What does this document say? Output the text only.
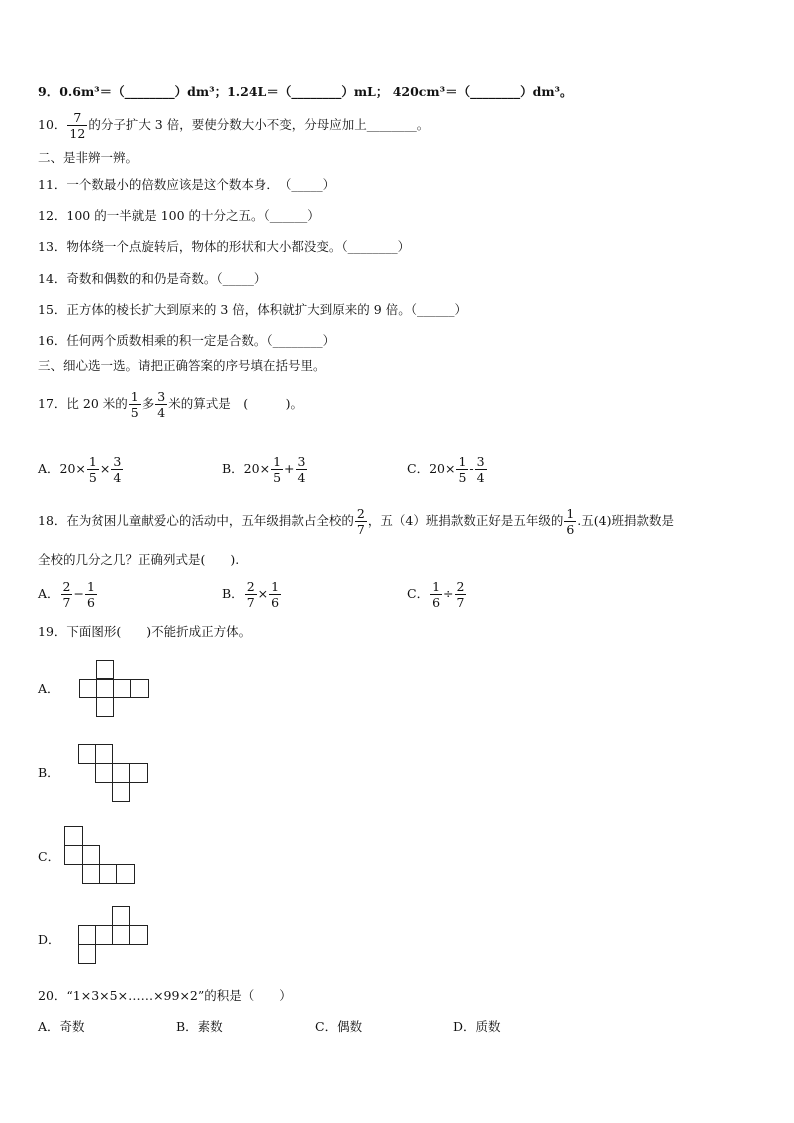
9．0.6m³＝（________）dm³；1.24L＝（________）mL； 420cm³＝（________）dm³。
10． $\frac{7}{12}$ 的分子扩大 3 倍，要使分数大小不变，分母应加上________。
二、是非辨一辨。
11．一个数最小的倍数应该是这个数本身．　（_____）
12．100 的一半就是 100 的十分之五。（______）
13．物体绕一个点旋转后，物体的形状和大小都没变。（________）
14．奇数和偶数的和仍是奇数。（_____）
15．正方体的棱长扩大到原来的 3 倍，体积就扩大到原来的 9 倍。（______）
16．任何两个质数相乘的积一定是合数。（________）
三、细心选一选。请把正确答案的序号填在括号里。
17．比 20 米的 $\frac{1}{5}$ 多 $\frac{3}{4}$ 米的算式是　(　　　)。
A．$20\times \frac{1}{5} \times \frac{3}{4}$	B．$20\times \frac{1}{5} + \frac{3}{4}$	C．$20\times \frac{1}{5} - \frac{3}{4}$
18．在为贫困儿童献爱心的活动中，五年级捐款占全校的 $\frac{2}{7}$ ，五（4）班捐款数正好是五年级的 $\frac{1}{6}$ .五(4)班捐款数是
全校的几分之几？正确列式是(　　).
A． $\frac{2}{7} - \frac{1}{6}$	B． $\frac{2}{7} \times \frac{1}{6}$	C． $\frac{1}{6} \div \frac{2}{7}$
19．下面图形(　　)不能折成正方体。
A．
B．
C．
D．
20．“1×3×5×……×99×2”的积是（　　）
A．奇数	B．素数	C．偶数	D．质数
